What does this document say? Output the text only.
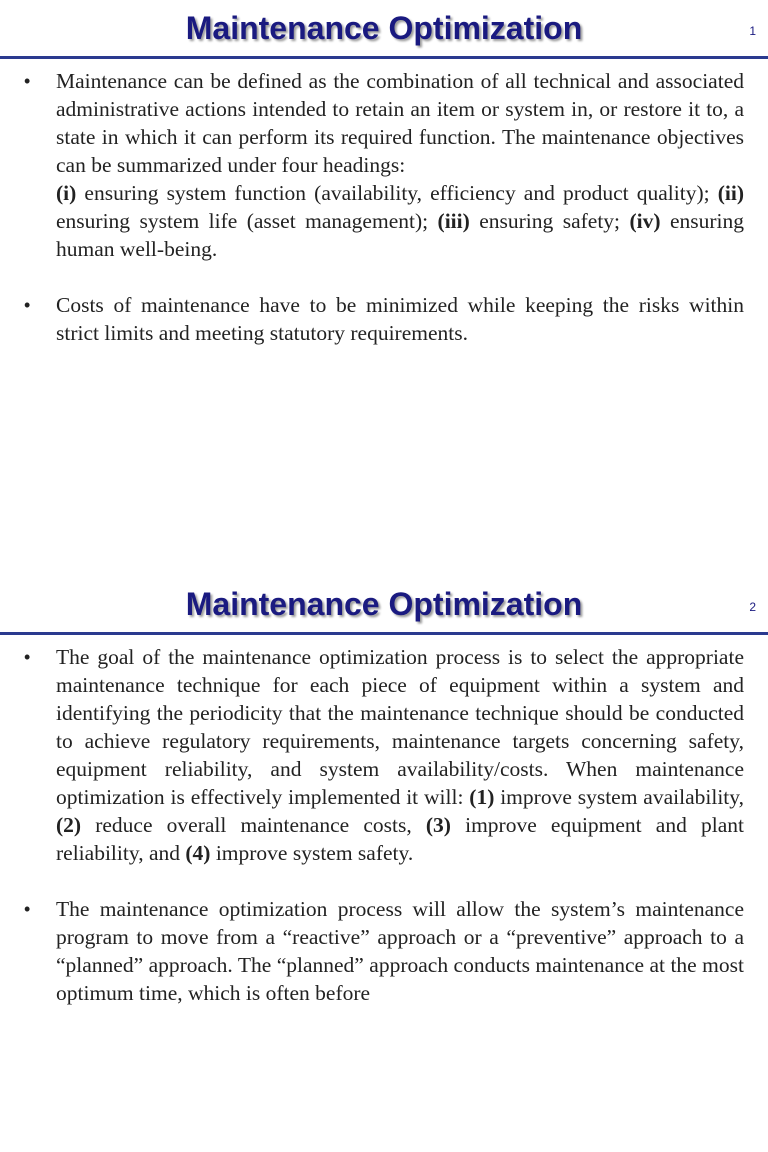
Maintenance Optimization	1
• Maintenance can be defined as the combination of all technical and associated administrative actions intended to retain an item or system in, or restore it to, a state in which it can perform its required function. The maintenance objectives can be summarized under four headings:
(i) ensuring system function (availability, efficiency and product quality); (ii) ensuring system life (asset management); (iii) ensuring safety; (iv) ensuring human well-being.
• Costs of maintenance have to be minimized while keeping the risks within strict limits and meeting statutory requirements.
Maintenance Optimization	2
• The goal of the maintenance optimization process is to select the appropriate maintenance technique for each piece of equipment within a system and identifying the periodicity that the maintenance technique should be conducted to achieve regulatory requirements, maintenance targets concerning safety, equipment reliability, and system availability/costs. When maintenance optimization is effectively implemented it will: (1) improve system availability, (2) reduce overall maintenance costs, (3) improve equipment and plant reliability, and (4) improve system safety.
• The maintenance optimization process will allow the system’s maintenance program to move from a “reactive” approach or a “preventive” approach to a “planned” approach. The “planned” approach conducts maintenance at the most optimum time, which is often before
